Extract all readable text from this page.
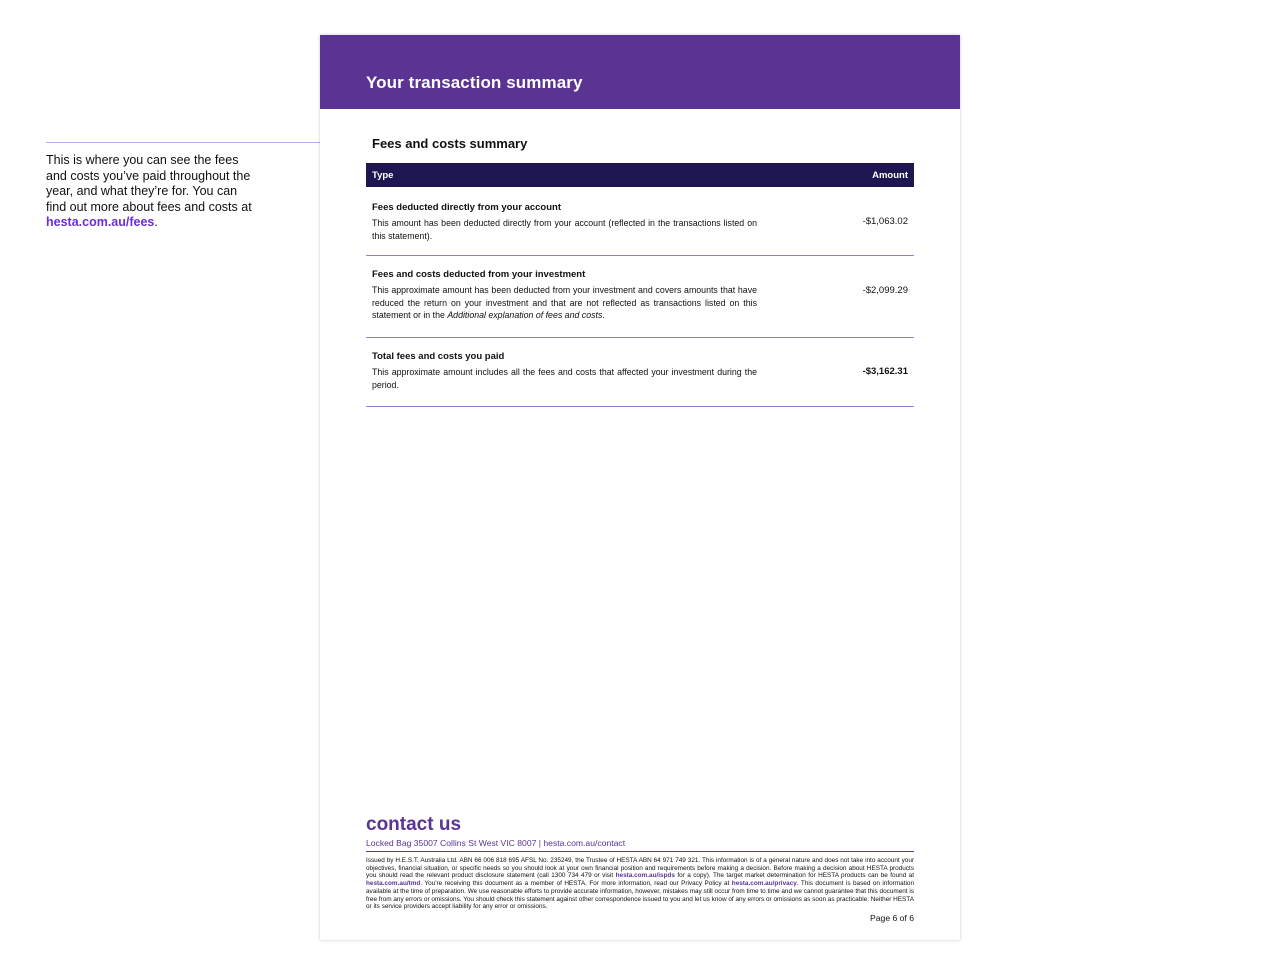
This is where you can see the fees and costs you’ve paid throughout the year, and what they’re for. You can find out more about fees and costs at hesta.com.au/fees.
Your transaction summary
Fees and costs summary
Type	Amount
Fees deducted directly from your account
This amount has been deducted directly from your account (reflected in the transactions listed on this statement).
-$1,063.02
Fees and costs deducted from your investment
This approximate amount has been deducted from your investment and covers amounts that have reduced the return on your investment and that are not reflected as transactions listed on this statement or in the Additional explanation of fees and costs.
-$2,099.29
Total fees and costs you paid
This approximate amount includes all the fees and costs that affected your investment during the period.
-$3,162.31
contact us
Locked Bag 35007 Collins St West VIC 8007 | hesta.com.au/contact
Issued by H.E.S.T. Australia Ltd. ABN 66 006 818 695 AFSL No. 235249, the Trustee of HESTA ABN 64 971 749 321. This information is of a general nature and does not take into account your objectives, financial situation, or specific needs so you should look at your own financial position and requirements before making a decision. Before making a decision about HESTA products you should read the relevant product disclosure statement (call 1300 734 479 or visit hesta.com.au/ispds for a copy). The target market determination for HESTA products can be found at hesta.com.au/tmd. You're receiving this document as a member of HESTA. For more information, read our Privacy Policy at hesta.com.au/privacy. This document is based on information available at the time of preparation. We use reasonable efforts to provide accurate information, however, mistakes may still occur from time to time and we cannot guarantee that this document is free from any errors or omissions. You should check this statement against other correspondence issued to you and let us know of any errors or omissions as soon as practicable. Neither HESTA or its service providers accept liability for any error or omissions.
Page 6 of 6
